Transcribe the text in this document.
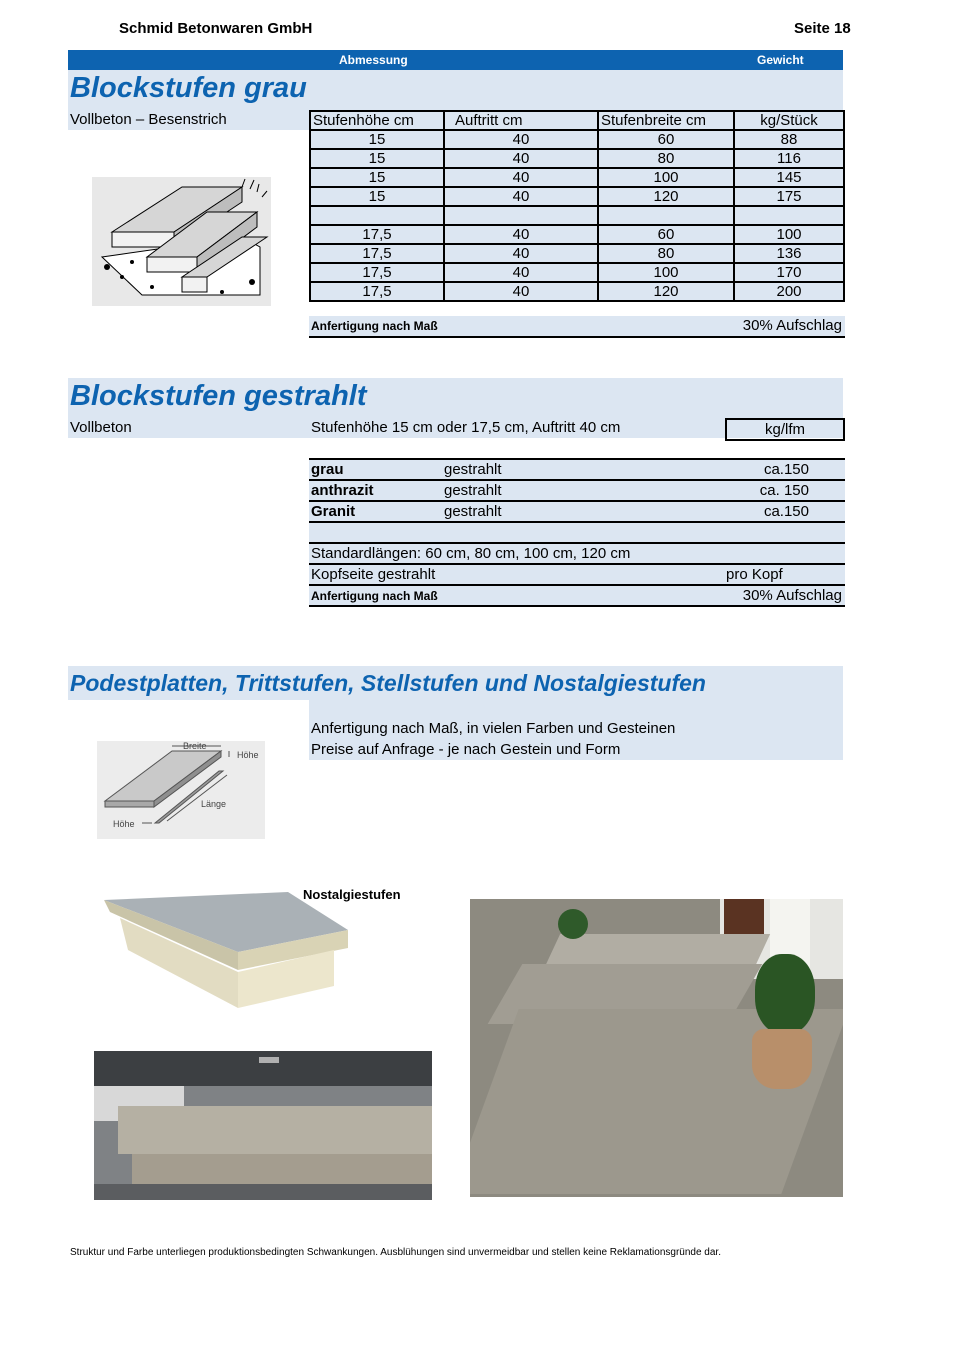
Schmid Betonwaren GmbH	Seite 18
Abmessung	Gewicht
Blockstufen grau
Vollbeton – Besenstrich	Stufenhöhe cm	Auftritt cm	Stufenbreite cm	kg/Stück
15	40	60	88
15	40	80	116
15	40	100	145
15	40	120	175

17,5	40	60	100
17,5	40	80	136
17,5	40	100	170
17,5	40	120	200
Anfertigung nach Maß	30% Aufschlag
Blockstufen gestrahlt
Vollbeton	Stufenhöhe 15 cm oder 17,5 cm, Auftritt 40 cm	kg/lfm
grau	gestrahlt	ca.150
anthrazit	gestrahlt	ca. 150
Granit	gestrahlt	ca.150
Standardlängen: 60 cm, 80 cm, 100 cm, 120 cm
Kopfseite gestrahlt	pro Kopf
Anfertigung nach Maß	30% Aufschlag
Podestplatten, Trittstufen, Stellstufen und Nostalgiestufen
Anfertigung nach Maß, in vielen Farben und Gesteinen
Preise auf Anfrage - je nach Gestein und Form
Breite
Höhe
Länge
Höhe
Nostalgiestufen
Struktur und Farbe unterliegen produktionsbedingten Schwankungen. Ausblühungen sind unvermeidbar und stellen keine Reklamationsgründe dar.
